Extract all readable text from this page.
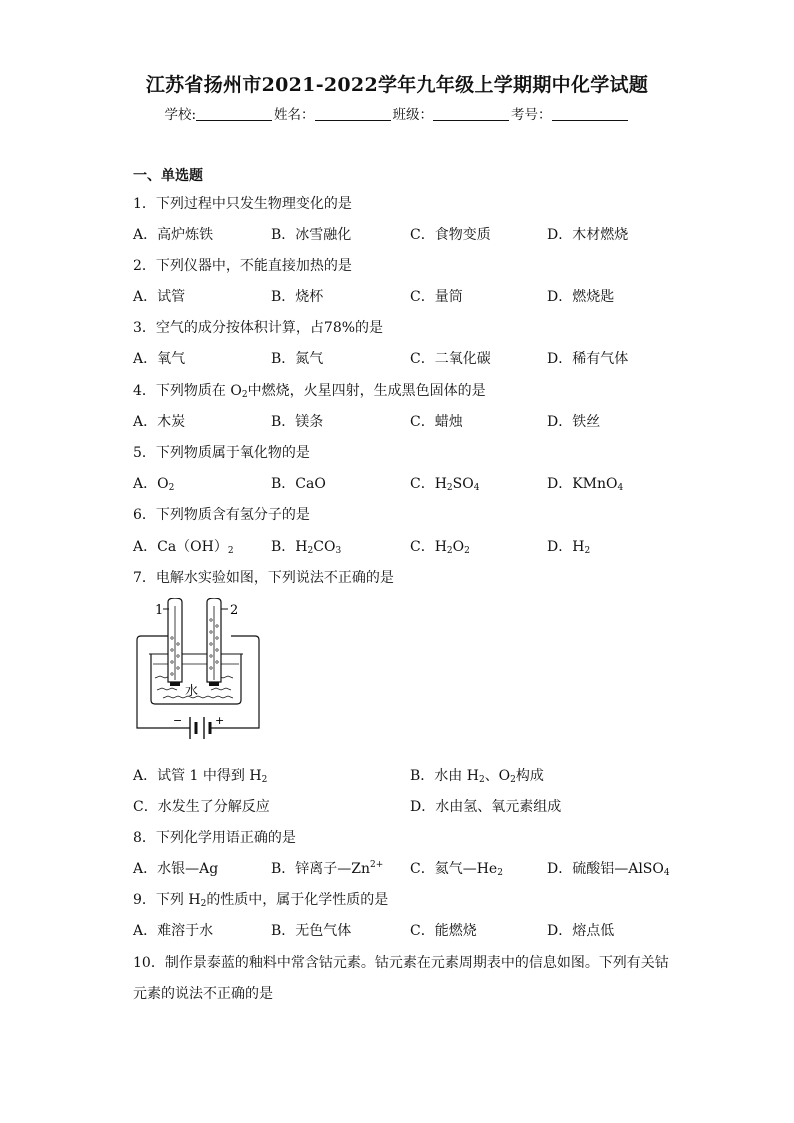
江苏省扬州市2021-2022学年九年级上学期期中化学试题
学校:	姓名：	班级：	考号：
一、单选题
1．下列过程中只发生物理变化的是
A．高炉炼铁	B．冰雪融化	C．食物变质	D．木材燃烧
2．下列仪器中，不能直接加热的是
A．试管	B．烧杯	C．量筒	D．燃烧匙
3．空气的成分按体积计算，占78%的是
A．氧气	B．氮气	C．二氧化碳	D．稀有气体
4．下列物质在 $O_2$中燃烧，火星四射，生成黑色固体的是
A．木炭	B．镁条	C．蜡烛	D．铁丝
5．下列物质属于氧化物的是
A．$O_2$	B．CaO	C．$H_2SO_4$	D．KMnO$_4$
6．下列物质含有氢分子的是
A．$Ca(OH)_2$	B．$H_2CO_3$	C．$H_2O_2$	D．$H_2$
7．电解水实验如图，下列说法不正确的是
1	2
水
−	+
A．试管 1 中得到 $H_2$	B．水由 $H_2$、$O_2$构成
C．水发生了分解反应	D．水由氢、氧元素组成
8．下列化学用语正确的是
A．水银—Ag	B．锌离子$—Zn^{2+}$ C．氦气$—He_2$	D．硫酸铝—AlSO$_4$
9．下列 $H_2$的性质中，属于化学性质的是
A．难溶于水	B．无色气体	C．能燃烧	D．熔点低
10．制作景泰蓝的釉料中常含钴元素。钴元素在元素周期表中的信息如图。下列有关钴
元素的说法不正确的是
